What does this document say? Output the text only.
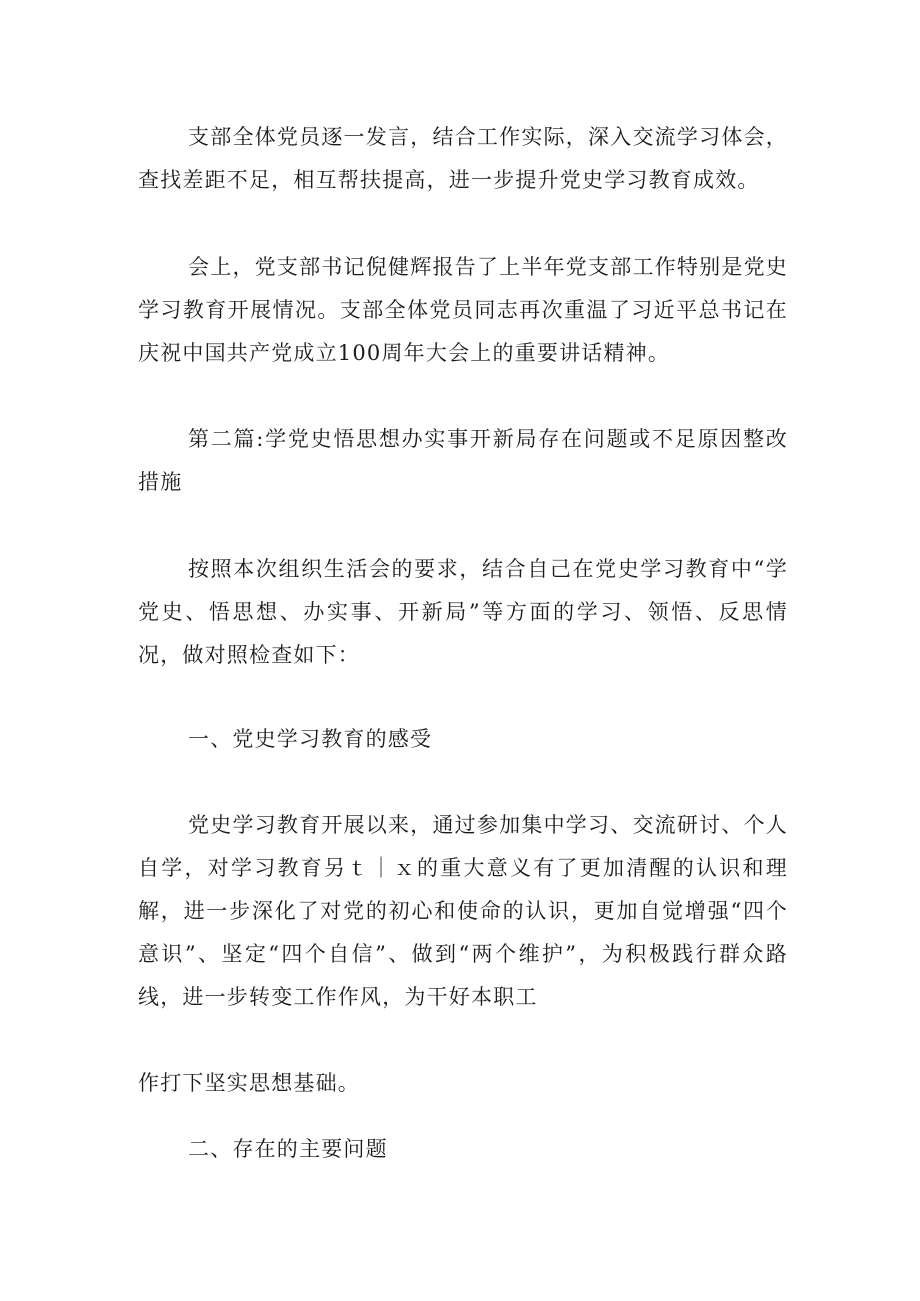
支部全体党员逐一发言，结合工作实际，深入交流学习体会，查找差距不足，相互帮扶提高，进一步提升党史学习教育成效。

会上，党支部书记倪健辉报告了上半年党支部工作特别是党史学习教育开展情况。支部全体党员同志再次重温了习近平总书记在庆祝中国共产党成立100周年大会上的重要讲话精神。

第二篇:学党史悟思想办实事开新局存在问题或不足原因整改措施

按照本次组织生活会的要求，结合自己在党史学习教育中“学党史、悟思想、办实事、开新局”等方面的学习、领悟、反思情况，做对照检查如下：

一、党史学习教育的感受

党史学习教育开展以来，通过参加集中学习、交流研讨、个人自学，对学习教育另ｔ｜ｘ的重大意义有了更加清醒的认识和理解，进一步深化了对党的初心和使命的认识，更加自觉增强“四个意识”、坚定“四个自信”、做到“两个维护”，为积极践行群众路线，进一步转变工作作风，为干好本职工

作打下坚实思想基础。

二、存在的主要问题
